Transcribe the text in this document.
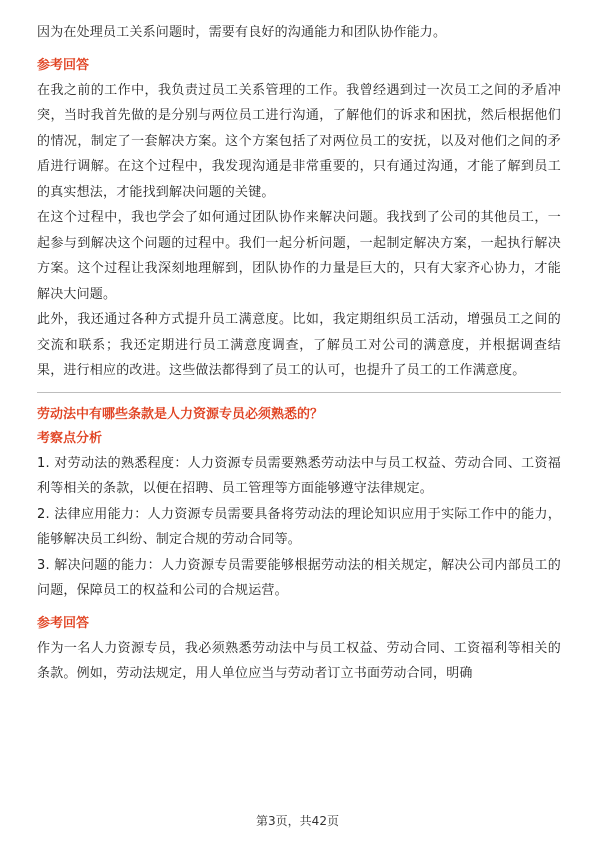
因为在处理员工关系问题时，需要有良好的沟通能力和团队协作能力。

参考回答

在我之前的工作中，我负责过员工关系管理的工作。我曾经遇到过一次员工之间的矛盾冲突，当时我首先做的是分别与两位员工进行沟通，了解他们的诉求和困扰，然后根据他们的情况，制定了一套解决方案。这个方案包括了对两位员工的安抚，以及对他们之间的矛盾进行调解。在这个过程中，我发现沟通是非常重要的，只有通过沟通，才能了解到员工的真实想法，才能找到解决问题的关键。

在这个过程中，我也学会了如何通过团队协作来解决问题。我找到了公司的其他员工，一起参与到解决这个问题的过程中。我们一起分析问题，一起制定解决方案，一起执行解决方案。这个过程让我深刻地理解到，团队协作的力量是巨大的，只有大家齐心协力，才能解决大问题。

此外，我还通过各种方式提升员工满意度。比如，我定期组织员工活动，增强员工之间的交流和联系；我还定期进行员工满意度调查，了解员工对公司的满意度，并根据调查结果，进行相应的改进。这些做法都得到了员工的认可，也提升了员工的工作满意度。

劳动法中有哪些条款是人力资源专员必须熟悉的？
考察点分析

1. 对劳动法的熟悉程度：人力资源专员需要熟悉劳动法中与员工权益、劳动合同、工资福利等相关的条款，以便在招聘、员工管理等方面能够遵守法律规定。

2. 法律应用能力：人力资源专员需要具备将劳动法的理论知识应用于实际工作中的能力，能够解决员工纠纷、制定合规的劳动合同等。

3. 解决问题的能力：人力资源专员需要能够根据劳动法的相关规定，解决公司内部员工的问题，保障员工的权益和公司的合规运营。

参考回答

作为一名人力资源专员，我必须熟悉劳动法中与员工权益、劳动合同、工资福利等相关的条款。例如，劳动法规定，用人单位应当与劳动者订立书面劳动合同，明确

第3页，共42页
